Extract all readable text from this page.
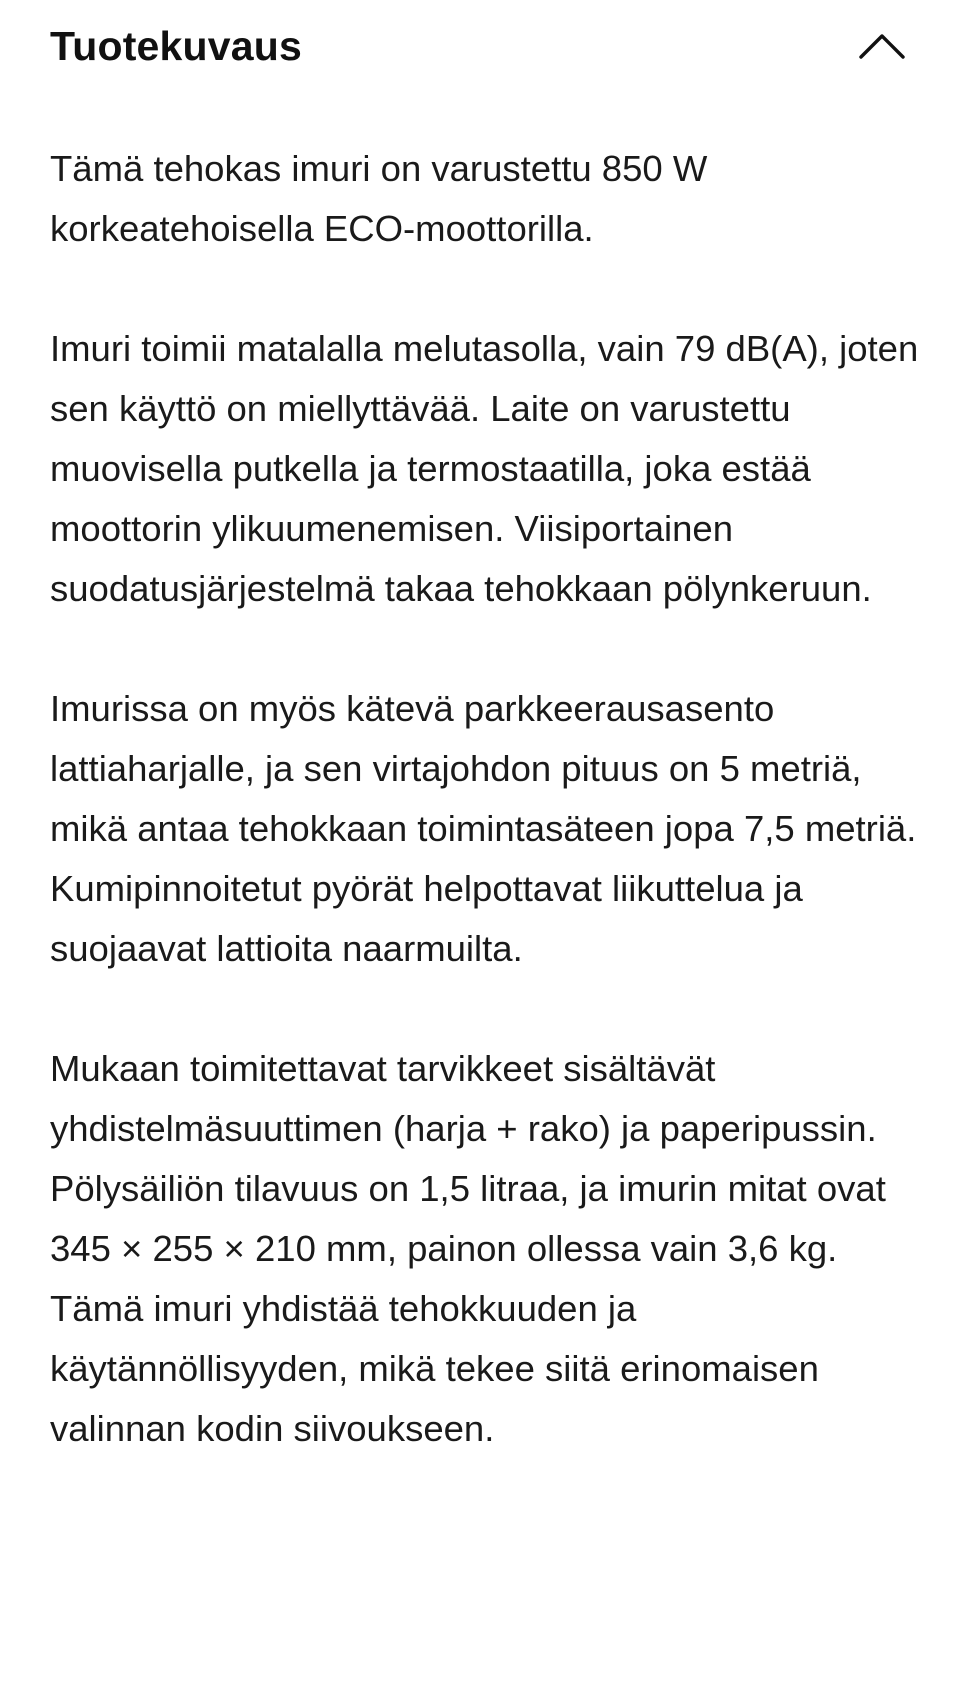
Tuotekuvaus

Tämä tehokas imuri on varustettu 850 W korkeatehoisella ECO-moottorilla.

Imuri toimii matalalla melutasolla, vain 79 dB(A), joten sen käyttö on miellyttävää. Laite on varustettu muovisella putkella ja termostaatilla, joka estää moottorin ylikuumenemisen. Viisiportainen suodatusjärjestelmä takaa tehokkaan pölynkeruun.

Imurissa on myös kätevä parkkeerausasento lattiaharjalle, ja sen virtajohdon pituus on 5 metriä, mikä antaa tehokkaan toimintasäteen jopa 7,5 metriä. Kumipinnoitetut pyörät helpottavat liikuttelua ja suojaavat lattioita naarmuilta.

Mukaan toimitettavat tarvikkeet sisältävät yhdistelmäsuuttimen (harja + rako) ja paperipussin. Pölysäiliön tilavuus on 1,5 litraa, ja imurin mitat ovat 345 × 255 × 210 mm, painon ollessa vain 3,6 kg. Tämä imuri yhdistää tehokkuuden ja käytännöllisyyden, mikä tekee siitä erinomaisen valinnan kodin siivoukseen.
